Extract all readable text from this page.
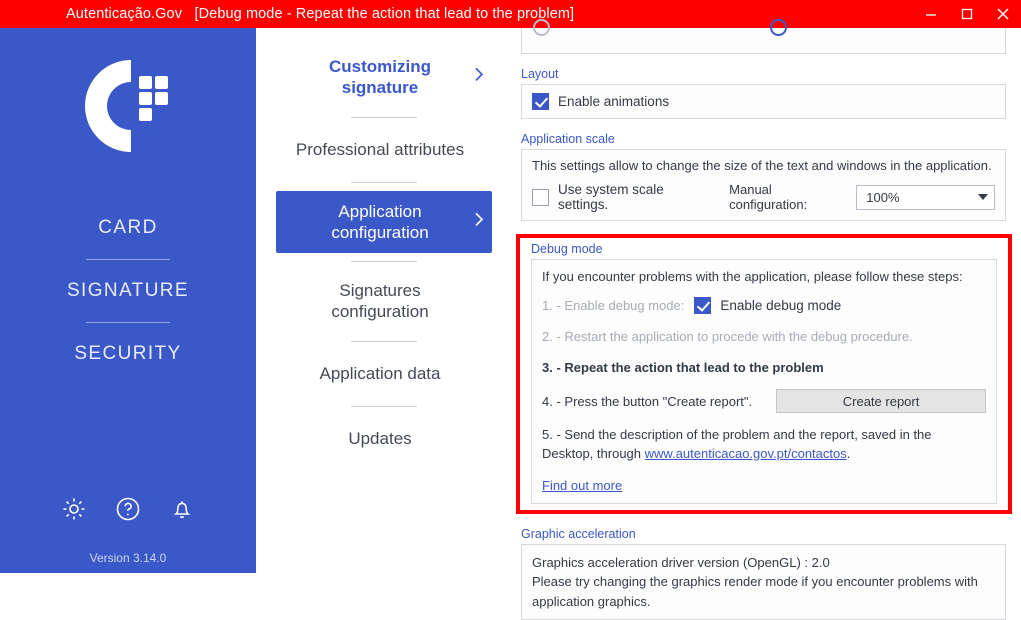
Autenticação.Gov [Debug mode - Repeat the action that lead to the problem]
CARD
SIGNATURE
SECURITY
Version 3.14.0
Customizing signature
Professional attributes
Application configuration
Signatures configuration
Application data
Updates
Layout
Enable animations
Application scale
This settings allow to change the size of the text and windows in the application.
Use system scale settings.
Manual configuration:	100%
Debug mode
If you encounter problems with the application, please follow these steps:
1. - Enable debug mode:	Enable debug mode
2. - Restart the application to procede with the debug procedure.
3. - Repeat the action that lead to the problem
4. - Press the button "Create report".	Create report
5. - Send the description of the problem and the report, saved in the Desktop, through www.autenticacao.gov.pt/contactos.
Find out more
Graphic acceleration
Graphics acceleration driver version (OpenGL) : 2.0
Please try changing the graphics render mode if you encounter problems with
application graphics.
